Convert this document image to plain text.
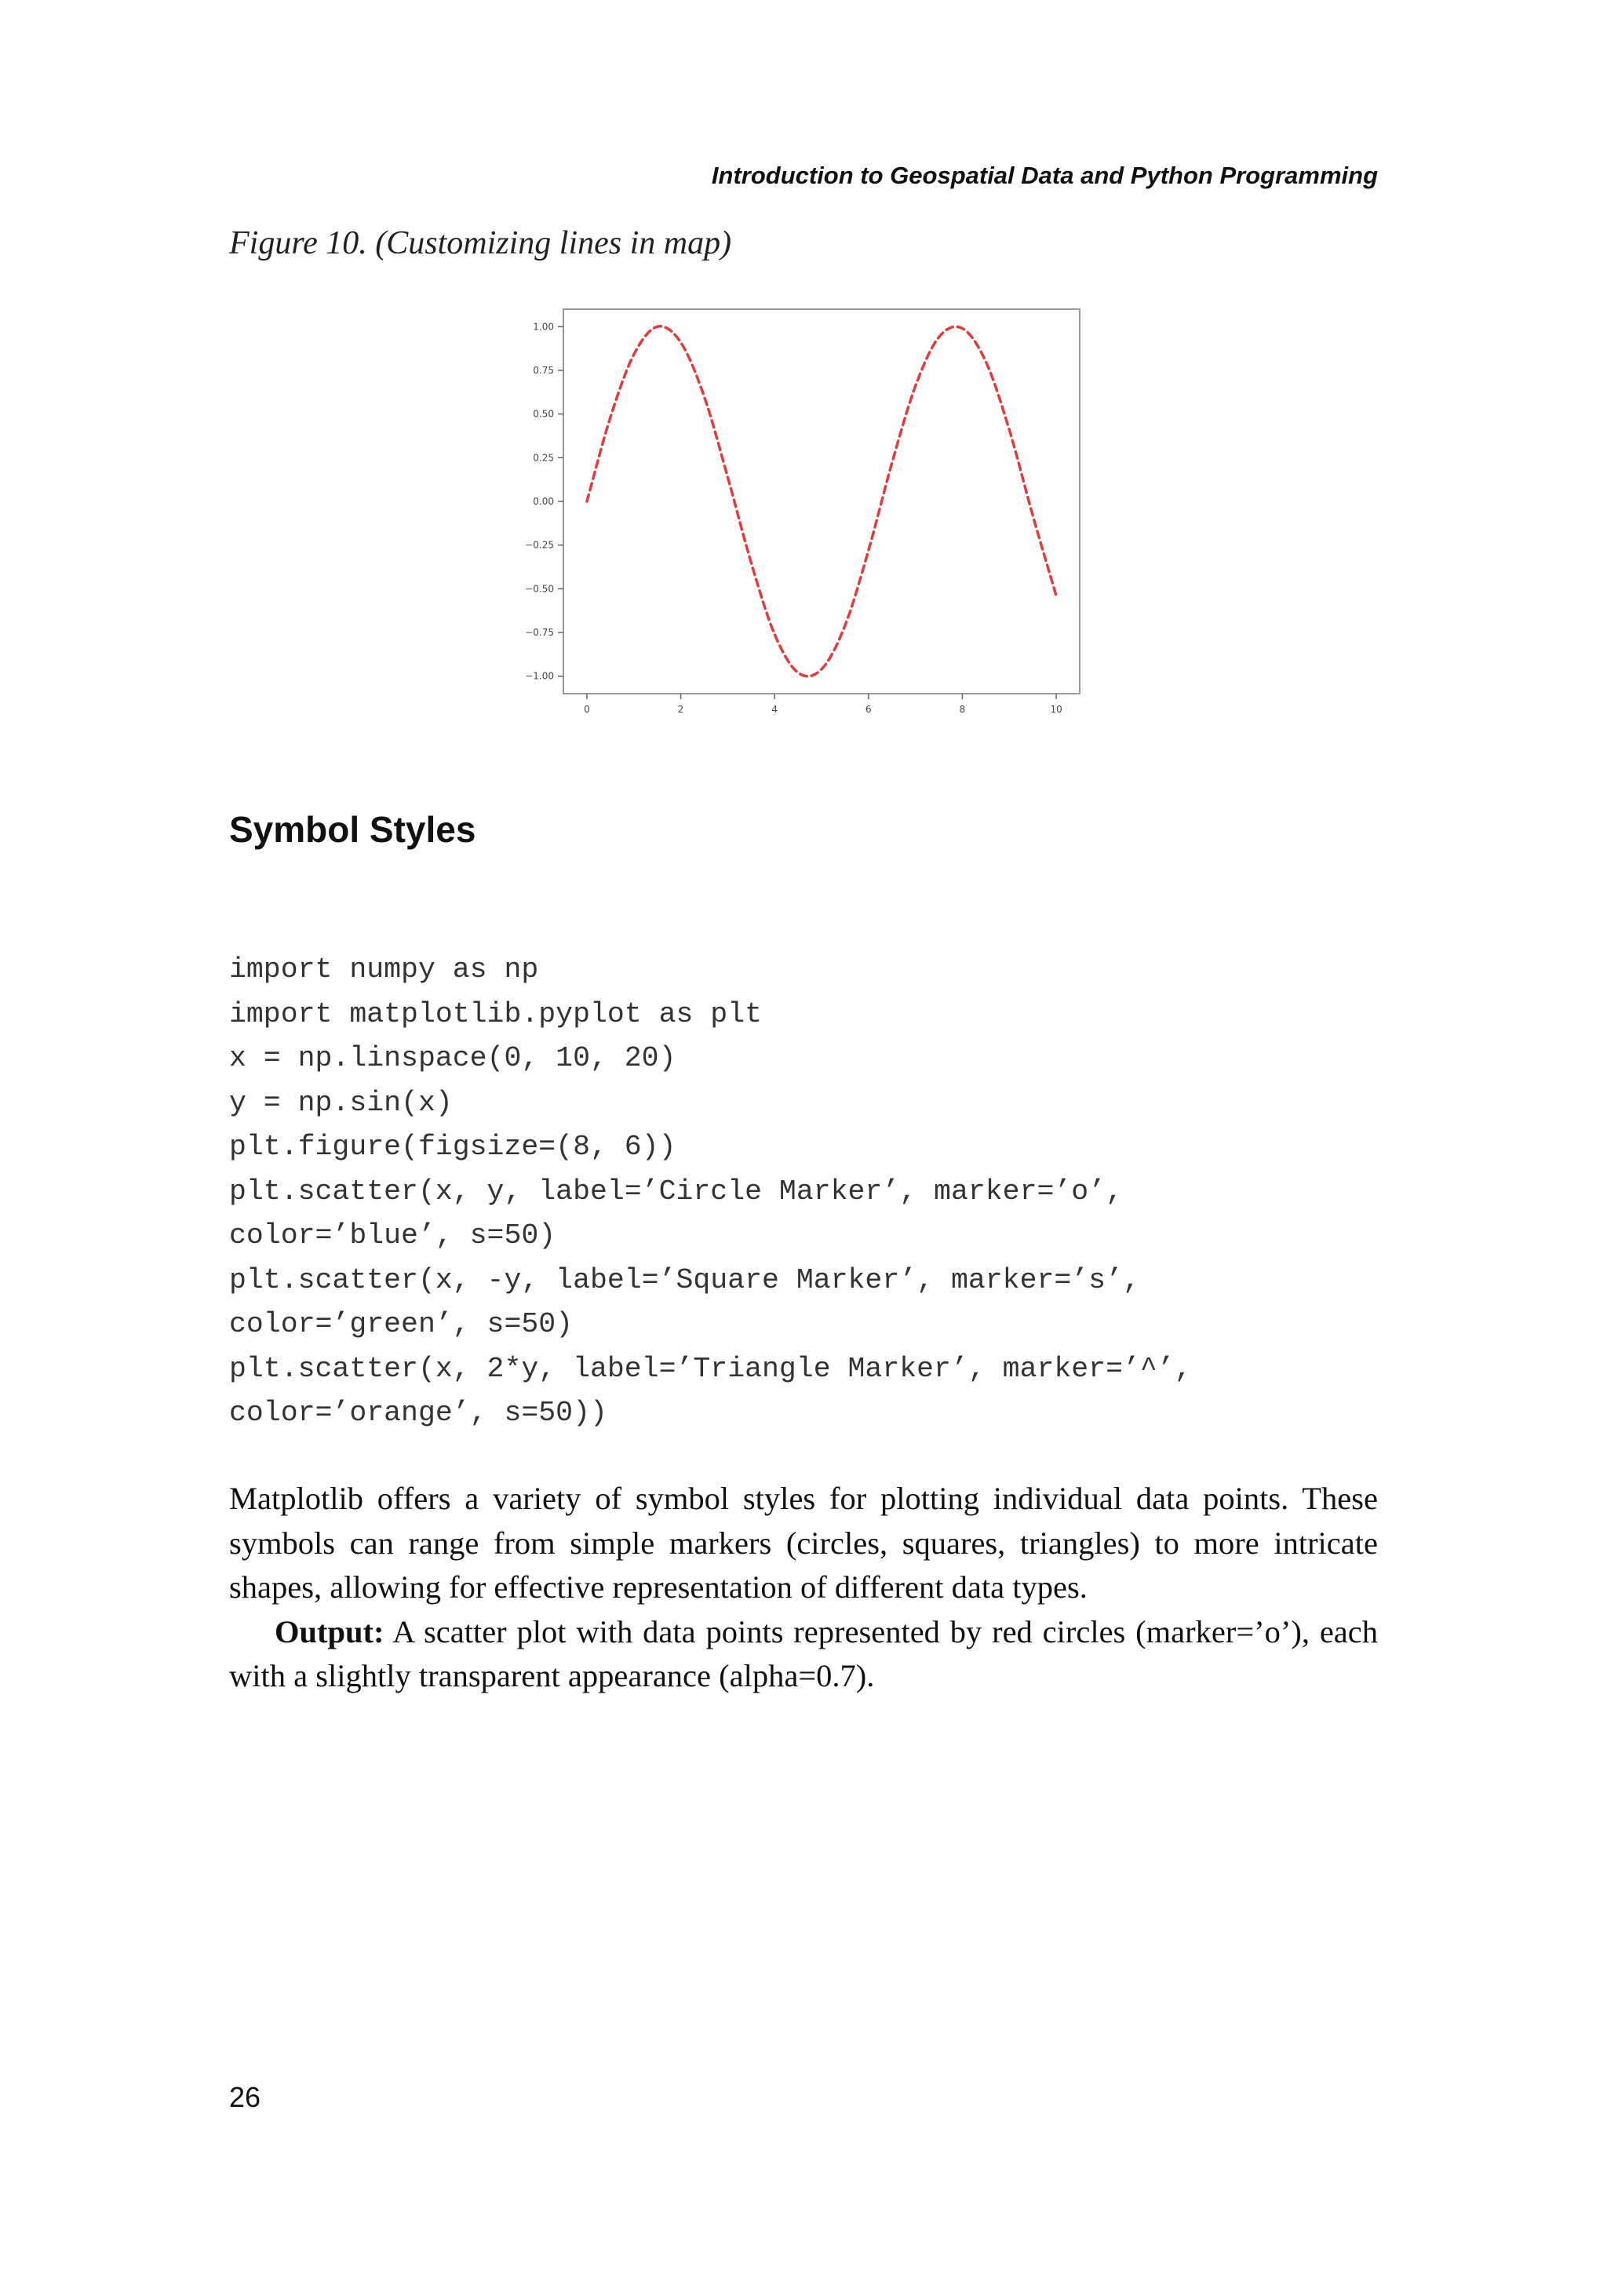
Introduction to Geospatial Data and Python Programming
Figure 10. (Customizing lines in map)
1.00
0.75
0.50
0.25
0.00
−0.25
−0.50
−0.75
−1.00
0	2	4	6	8	10
Symbol Styles
import numpy as np
import matplotlib.pyplot as plt
x = np.linspace(0, 10, 20)
y = np.sin(x)
plt.figure(figsize=(8, 6))
plt.scatter(x, y, label=’Circle Marker’, marker=’o’,
color=’blue’, s=50)
plt.scatter(x, -y, label=’Square Marker’, marker=’s’,
color=’green’, s=50)
plt.scatter(x, 2*y, label=’Triangle Marker’, marker=’^’,
color=’orange’, s=50))

Matplotlib offers a variety of symbol styles for plotting individual data points. These symbols can range from simple markers (circles, squares, triangles) to more intricate shapes, allowing for effective representation of different data types.

Output: A scatter plot with data points represented by red circles (marker=’o’), each with a slightly transparent appearance (alpha=0.7).

26
